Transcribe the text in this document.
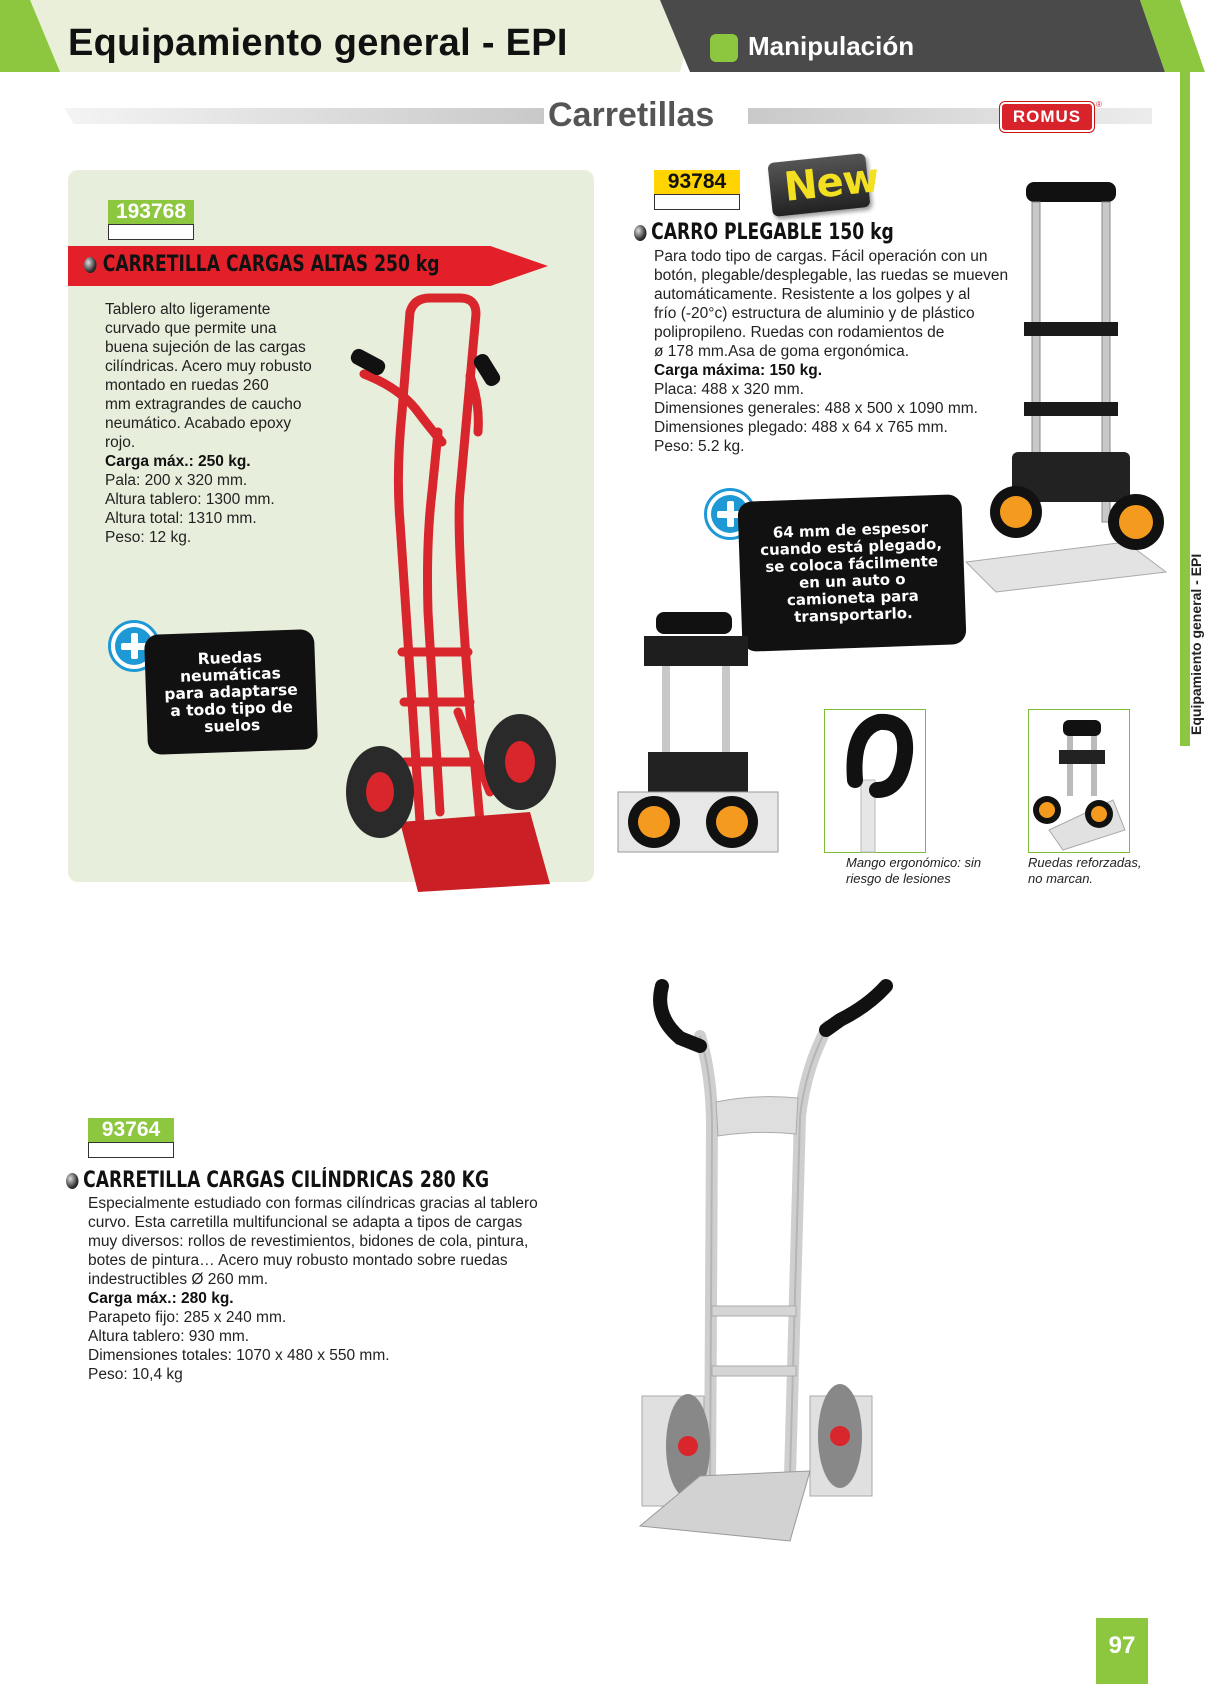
Equipamiento general - EPI	Manipulación
Equipamiento general - EPI
Carretillas	ROMUS
®
193768
CARRETILLA CARGAS ALTAS 250 kg
Tablero alto ligeramente
curvado que permite una
buena sujeción de las cargas
cilíndricas. Acero muy robusto
montado en ruedas 260
mm extragrandes de caucho
neumático. Acabado epoxy
rojo.
Carga máx.: 250 kg.
Pala: 200 x 320 mm.
Altura tablero: 1300 mm.
Altura total: 1310 mm.
Peso: 12 kg.
Ruedas
neumáticas
para adaptarse
a todo tipo de
suelos
93784	New
CARRO PLEGABLE 150 kg
Para todo tipo de cargas. Fácil operación con un
botón, plegable/desplegable, las ruedas se mueven
automáticamente. Resistente a los golpes y al
frío (-20°c) estructura de aluminio y de plástico
polipropileno. Ruedas con rodamientos de
ø 178 mm.Asa de goma ergonómica.
Carga máxima: 150 kg.
Placa: 488 x 320 mm.
Dimensiones generales: 488 x 500 x 1090 mm.
Dimensiones plegado: 488 x 64 x 765 mm.
Peso: 5.2 kg.
64 mm de espesor
cuando está plegado,
se coloca fácilmente
en un auto o
camioneta para
transportarlo.
Mango ergonómico: sin
riesgo de lesiones
Ruedas reforzadas,
no marcan.
93764
CARRETILLA CARGAS CILÍNDRICAS 280 KG
Especialmente estudiado con formas cilíndricas gracias al tablero
curvo. Esta carretilla multifuncional se adapta a tipos de cargas
muy diversos: rollos de revestimientos, bidones de cola, pintura,
botes de pintura… Acero muy robusto montado sobre ruedas
indestructibles Ø 260 mm.
Carga máx.: 280 kg.
Parapeto fijo: 285 x 240 mm.
Altura tablero: 930 mm.
Dimensiones totales: 1070 x 480 x 550 mm.
Peso: 10,4 kg
97
